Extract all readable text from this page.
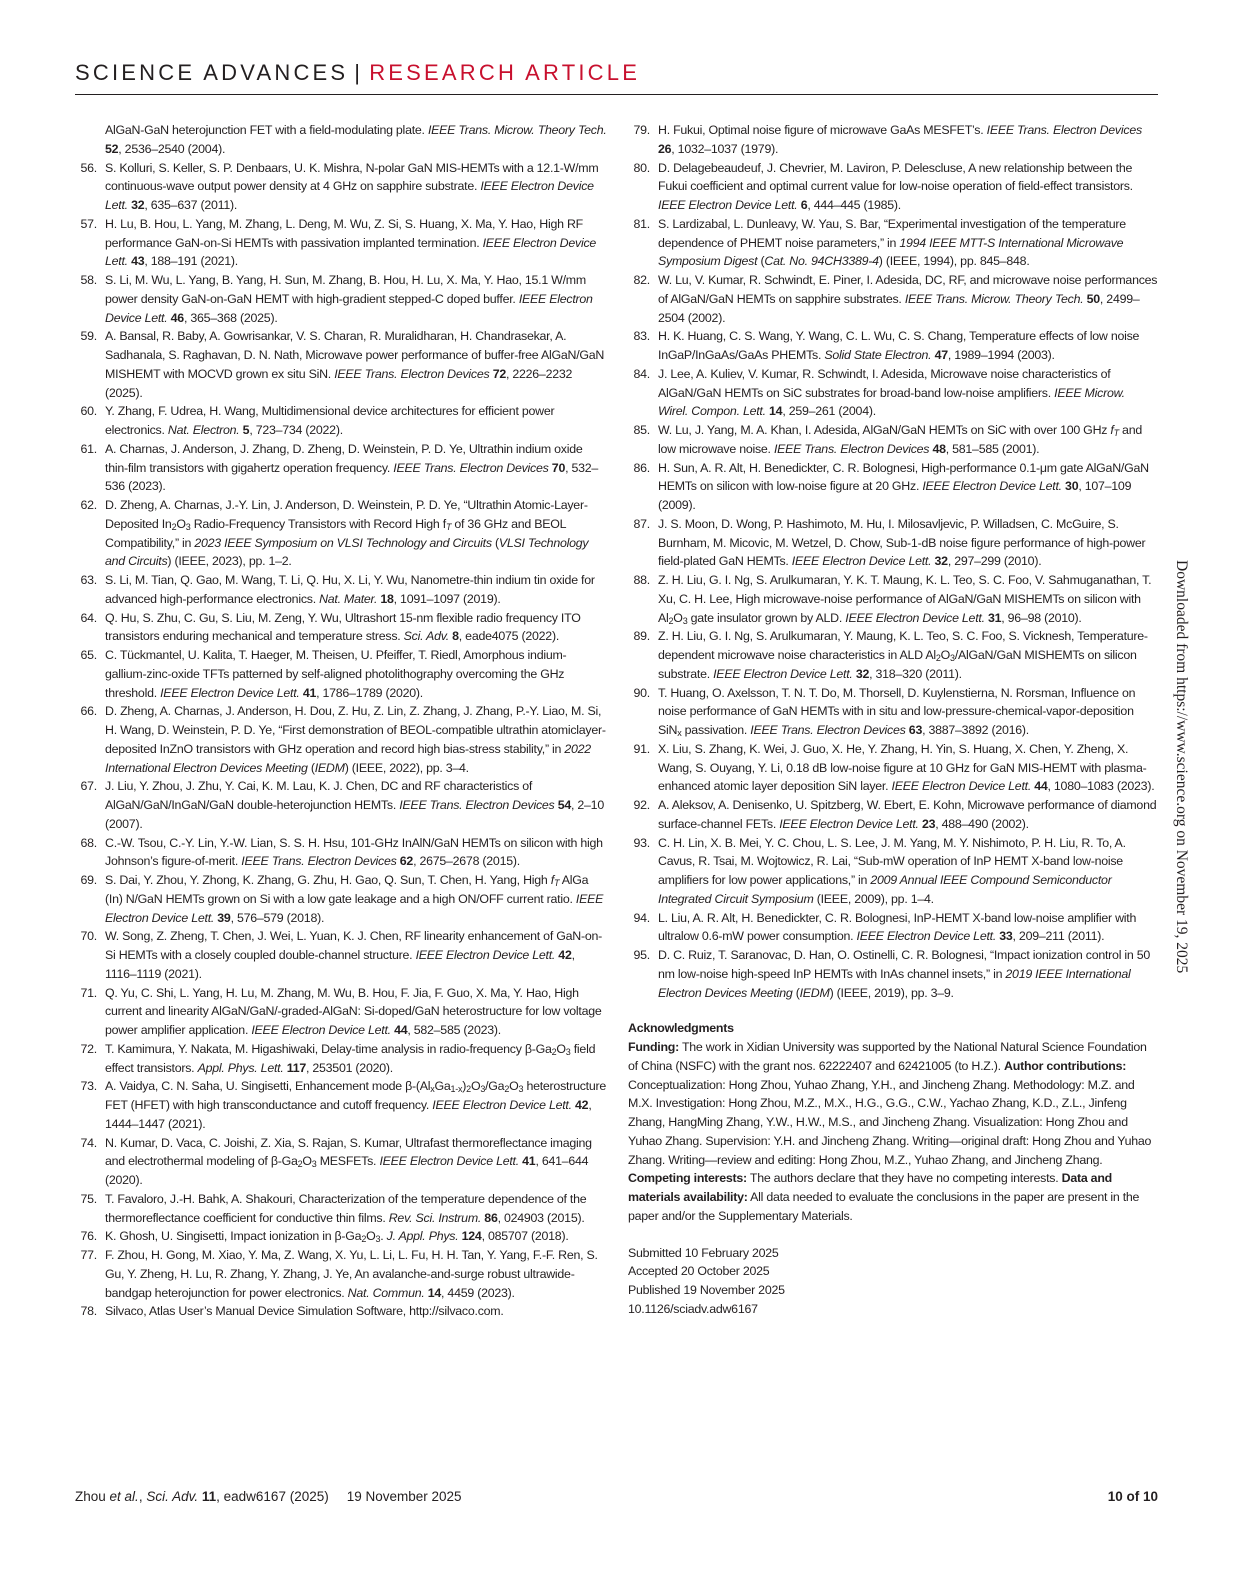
SCIENCE ADVANCES | RESEARCH ARTICLE
AlGaN-GaN heterojunction FET with a field-modulating plate. IEEE Trans. Microw. Theory Tech. 52, 2536–2540 (2004).
56. S. Kolluri, S. Keller, S. P. Denbaars, U. K. Mishra, N-polar GaN MIS-HEMTs with a 12.1-W/mm continuous-wave output power density at 4 GHz on sapphire substrate. IEEE Electron Device Lett. 32, 635–637 (2011).
57. H. Lu, B. Hou, L. Yang, M. Zhang, L. Deng, M. Wu, Z. Si, S. Huang, X. Ma, Y. Hao, High RF performance GaN-on-Si HEMTs with passivation implanted termination. IEEE Electron Device Lett. 43, 188–191 (2021).
58. S. Li, M. Wu, L. Yang, B. Yang, H. Sun, M. Zhang, B. Hou, H. Lu, X. Ma, Y. Hao, 15.1 W/mm power density GaN-on-GaN HEMT with high-gradient stepped-C doped buffer. IEEE Electron Device Lett. 46, 365–368 (2025).
59. A. Bansal, R. Baby, A. Gowrisankar, V. S. Charan, R. Muralidharan, H. Chandrasekar, A. Sadhanala, S. Raghavan, D. N. Nath, Microwave power performance of buffer-free AlGaN/GaN MISHEMT with MOCVD grown ex situ SiN. IEEE Trans. Electron Devices 72, 2226–2232 (2025).
60. Y. Zhang, F. Udrea, H. Wang, Multidimensional device architectures for efficient power electronics. Nat. Electron. 5, 723–734 (2022).
61. A. Charnas, J. Anderson, J. Zhang, D. Zheng, D. Weinstein, P. D. Ye, Ultrathin indium oxide thin-film transistors with gigahertz operation frequency. IEEE Trans. Electron Devices 70, 532–536 (2023).
62. D. Zheng, A. Charnas, J.-Y. Lin, J. Anderson, D. Weinstein, P. D. Ye, “Ultrathin Atomic-Layer-Deposited $In_2O_3$ Radio-Frequency Transistors with Record High fT of 36 GHz and BEOL Compatibility,” in 2023 IEEE Symposium on VLSI Technology and Circuits (VLSI Technology and Circuits) (IEEE, 2023), pp. 1–2.
63. S. Li, M. Tian, Q. Gao, M. Wang, T. Li, Q. Hu, X. Li, Y. Wu, Nanometre-thin indium tin oxide for advanced high-performance electronics. Nat. Mater. 18, 1091–1097 (2019).
64. Q. Hu, S. Zhu, C. Gu, S. Liu, M. Zeng, Y. Wu, Ultrashort 15-nm flexible radio frequency ITO transistors enduring mechanical and temperature stress. Sci. Adv. 8, eade4075 (2022).
65. C. Tückmantel, U. Kalita, T. Haeger, M. Theisen, U. Pfeiffer, T. Riedl, Amorphous indium-gallium-zinc-oxide TFTs patterned by self-aligned photolithography overcoming the GHz threshold. IEEE Electron Device Lett. 41, 1786–1789 (2020).
66. D. Zheng, A. Charnas, J. Anderson, H. Dou, Z. Hu, Z. Lin, Z. Zhang, J. Zhang, P.-Y. Liao, M. Si, H. Wang, D. Weinstein, P. D. Ye, “First demonstration of BEOL-compatible ultrathin atomiclayer-deposited InZnO transistors with GHz operation and record high bias-stress stability,” in 2022 International Electron Devices Meeting (IEDM) (IEEE, 2022), pp. 3–4.
67. J. Liu, Y. Zhou, J. Zhu, Y. Cai, K. M. Lau, K. J. Chen, DC and RF characteristics of AlGaN/GaN/InGaN/GaN double-heterojunction HEMTs. IEEE Trans. Electron Devices 54, 2–10 (2007).
68. C.-W. Tsou, C.-Y. Lin, Y.-W. Lian, S. S. H. Hsu, 101-GHz InAlN/GaN HEMTs on silicon with high Johnson’s figure-of-merit. IEEE Trans. Electron Devices 62, 2675–2678 (2015).
69. S. Dai, Y. Zhou, Y. Zhong, K. Zhang, G. Zhu, H. Gao, Q. Sun, T. Chen, H. Yang, High fT AlGa (In) N/GaN HEMTs grown on Si with a low gate leakage and a high ON/OFF current ratio. IEEE Electron Device Lett. 39, 576–579 (2018).
70. W. Song, Z. Zheng, T. Chen, J. Wei, L. Yuan, K. J. Chen, RF linearity enhancement of GaN-on-Si HEMTs with a closely coupled double-channel structure. IEEE Electron Device Lett. 42, 1116–1119 (2021).
71. Q. Yu, C. Shi, L. Yang, H. Lu, M. Zhang, M. Wu, B. Hou, F. Jia, F. Guo, X. Ma, Y. Hao, High current and linearity AlGaN/GaN/-graded-AlGaN: Si-doped/GaN heterostructure for low voltage power amplifier application. IEEE Electron Device Lett. 44, 582–585 (2023).
72. T. Kamimura, Y. Nakata, M. Higashiwaki, Delay-time analysis in radio-frequency $\beta-Ga_2O_3$ field effect transistors. Appl. Phys. Lett. 117, 253501 (2020).
73. A. Vaidya, C. N. Saha, U. Singisetti, Enhancement mode $\beta-(Al_xGa_{1-x})_2O_3/Ga_2O_3$ heterostructure FET (HFET) with high transconductance and cutoff frequency. IEEE Electron Device Lett. 42, 1444–1447 (2021).
74. N. Kumar, D. Vaca, C. Joishi, Z. Xia, S. Rajan, S. Kumar, Ultrafast thermoreflectance imaging and electrothermal modeling of $\beta-Ga_2O_3$ MESFETs. IEEE Electron Device Lett. 41, 641–644 (2020).
75. T. Favaloro, J.-H. Bahk, A. Shakouri, Characterization of the temperature dependence of the thermoreflectance coefficient for conductive thin films. Rev. Sci. Instrum. 86, 024903 (2015).
76. K. Ghosh, U. Singisetti, Impact ionization in $\beta-Ga_2O_3$. J. Appl. Phys. 124, 085707 (2018).
77. F. Zhou, H. Gong, M. Xiao, Y. Ma, Z. Wang, X. Yu, L. Li, L. Fu, H. H. Tan, Y. Yang, F.-F. Ren, S. Gu, Y. Zheng, H. Lu, R. Zhang, Y. Zhang, J. Ye, An avalanche-and-surge robust ultrawide-bandgap heterojunction for power electronics. Nat. Commun. 14, 4459 (2023).
78. Silvaco, Atlas User’s Manual Device Simulation Software, http://silvaco.com.
79. H. Fukui, Optimal noise figure of microwave GaAs MESFET’s. IEEE Trans. Electron Devices 26, 1032–1037 (1979).
80. D. Delagebeaudeuf, J. Chevrier, M. Laviron, P. Delescluse, A new relationship between the Fukui coefficient and optimal current value for low-noise operation of field-effect transistors. IEEE Electron Device Lett. 6, 444–445 (1985).
81. S. Lardizabal, L. Dunleavy, W. Yau, S. Bar, “Experimental investigation of the temperature dependence of PHEMT noise parameters,” in 1994 IEEE MTT-S International Microwave Symposium Digest (Cat. No. 94CH3389-4) (IEEE, 1994), pp. 845–848.
82. W. Lu, V. Kumar, R. Schwindt, E. Piner, I. Adesida, DC, RF, and microwave noise performances of AlGaN/GaN HEMTs on sapphire substrates. IEEE Trans. Microw. Theory Tech. 50, 2499–2504 (2002).
83. H. K. Huang, C. S. Wang, Y. Wang, C. L. Wu, C. S. Chang, Temperature effects of low noise InGaP/InGaAs/GaAs PHEMTs. Solid State Electron. 47, 1989–1994 (2003).
84. J. Lee, A. Kuliev, V. Kumar, R. Schwindt, I. Adesida, Microwave noise characteristics of AlGaN/GaN HEMTs on SiC substrates for broad-band low-noise amplifiers. IEEE Microw. Wirel. Compon. Lett. 14, 259–261 (2004).
85. W. Lu, J. Yang, M. A. Khan, I. Adesida, AlGaN/GaN HEMTs on SiC with over 100 GHz fT and low microwave noise. IEEE Trans. Electron Devices 48, 581–585 (2001).
86. H. Sun, A. R. Alt, H. Benedickter, C. R. Bolognesi, High-performance 0.1-μm gate AlGaN/GaN HEMTs on silicon with low-noise figure at 20 GHz. IEEE Electron Device Lett. 30, 107–109 (2009).
87. J. S. Moon, D. Wong, P. Hashimoto, M. Hu, I. Milosavljevic, P. Willadsen, C. McGuire, S. Burnham, M. Micovic, M. Wetzel, D. Chow, Sub-1-dB noise figure performance of high-power field-plated GaN HEMTs. IEEE Electron Device Lett. 32, 297–299 (2010).
88. Z. H. Liu, G. I. Ng, S. Arulkumaran, Y. K. T. Maung, K. L. Teo, S. C. Foo, V. Sahmuganathan, T. Xu, C. H. Lee, High microwave-noise performance of AlGaN/GaN MISHEMTs on silicon with $Al_2O_3$ gate insulator grown by ALD. IEEE Electron Device Lett. 31, 96–98 (2010).
89. Z. H. Liu, G. I. Ng, S. Arulkumaran, Y. Maung, K. L. Teo, S. C. Foo, S. Vicknesh, Temperature-dependent microwave noise characteristics in ALD $Al_2O_3/AlGaN$/GaN MISHEMTs on silicon substrate. IEEE Electron Device Lett. 32, 318–320 (2011).
90. T. Huang, O. Axelsson, T. N. T. Do, M. Thorsell, D. Kuylenstierna, N. Rorsman, Influence on noise performance of GaN HEMTs with in situ and low-pressure-chemical-vapor-deposition SiN$_x$ passivation. IEEE Trans. Electron Devices 63, 3887–3892 (2016).
91. X. Liu, S. Zhang, K. Wei, J. Guo, X. He, Y. Zhang, H. Yin, S. Huang, X. Chen, Y. Zheng, X. Wang, S. Ouyang, Y. Li, 0.18 dB low-noise figure at 10 GHz for GaN MIS-HEMT with plasma-enhanced atomic layer deposition SiN layer. IEEE Electron Device Lett. 44, 1080–1083 (2023).
92. A. Aleksov, A. Denisenko, U. Spitzberg, W. Ebert, E. Kohn, Microwave performance of diamond surface-channel FETs. IEEE Electron Device Lett. 23, 488–490 (2002).
93. C. H. Lin, X. B. Mei, Y. C. Chou, L. S. Lee, J. M. Yang, M. Y. Nishimoto, P. H. Liu, R. To, A. Cavus, R. Tsai, M. Wojtowicz, R. Lai, “Sub-mW operation of InP HEMT X-band low-noise amplifiers for low power applications,” in 2009 Annual IEEE Compound Semiconductor Integrated Circuit Symposium (IEEE, 2009), pp. 1–4.
94. L. Liu, A. R. Alt, H. Benedickter, C. R. Bolognesi, InP-HEMT X-band low-noise amplifier with ultralow 0.6-mW power consumption. IEEE Electron Device Lett. 33, 209–211 (2011).
95. D. C. Ruiz, T. Saranovac, D. Han, O. Ostinelli, C. R. Bolognesi, “Impact ionization control in 50 nm low-noise high-speed InP HEMTs with InAs channel insets,” in 2019 IEEE International Electron Devices Meeting (IEDM) (IEEE, 2019), pp. 3–9.
Acknowledgments

Funding: The work in Xidian University was supported by the National Natural Science Foundation of China (NSFC) with the grant nos. 62222407 and 62421005 (to H.Z.). Author contributions: Conceptualization: Hong Zhou, Yuhao Zhang, Y.H., and Jincheng Zhang. Methodology: M.Z. and M.X. Investigation: Hong Zhou, M.Z., M.X., H.G., G.G., C.W., Yachao Zhang, K.D., Z.L., Jinfeng Zhang, HangMing Zhang, Y.W., H.W., M.S., and Jincheng Zhang. Visualization: Hong Zhou and Yuhao Zhang. Supervision: Y.H. and Jincheng Zhang. Writing—original draft: Hong Zhou and Yuhao Zhang. Writing—review and editing: Hong Zhou, M.Z., Yuhao Zhang, and Jincheng Zhang. Competing interests: The authors declare that they have no competing interests. Data and materials availability: All data needed to evaluate the conclusions in the paper are present in the paper and/or the Supplementary Materials.

Submitted 10 February 2025
Accepted 20 October 2025
Published 19 November 2025
10.1126/sciadv.adw6167
Downloaded from https://www.science.org on November 19, 2025
Zhou et al., Sci. Adv. 11, eadw6167 (2025) 19 November 2025	10 of 10
